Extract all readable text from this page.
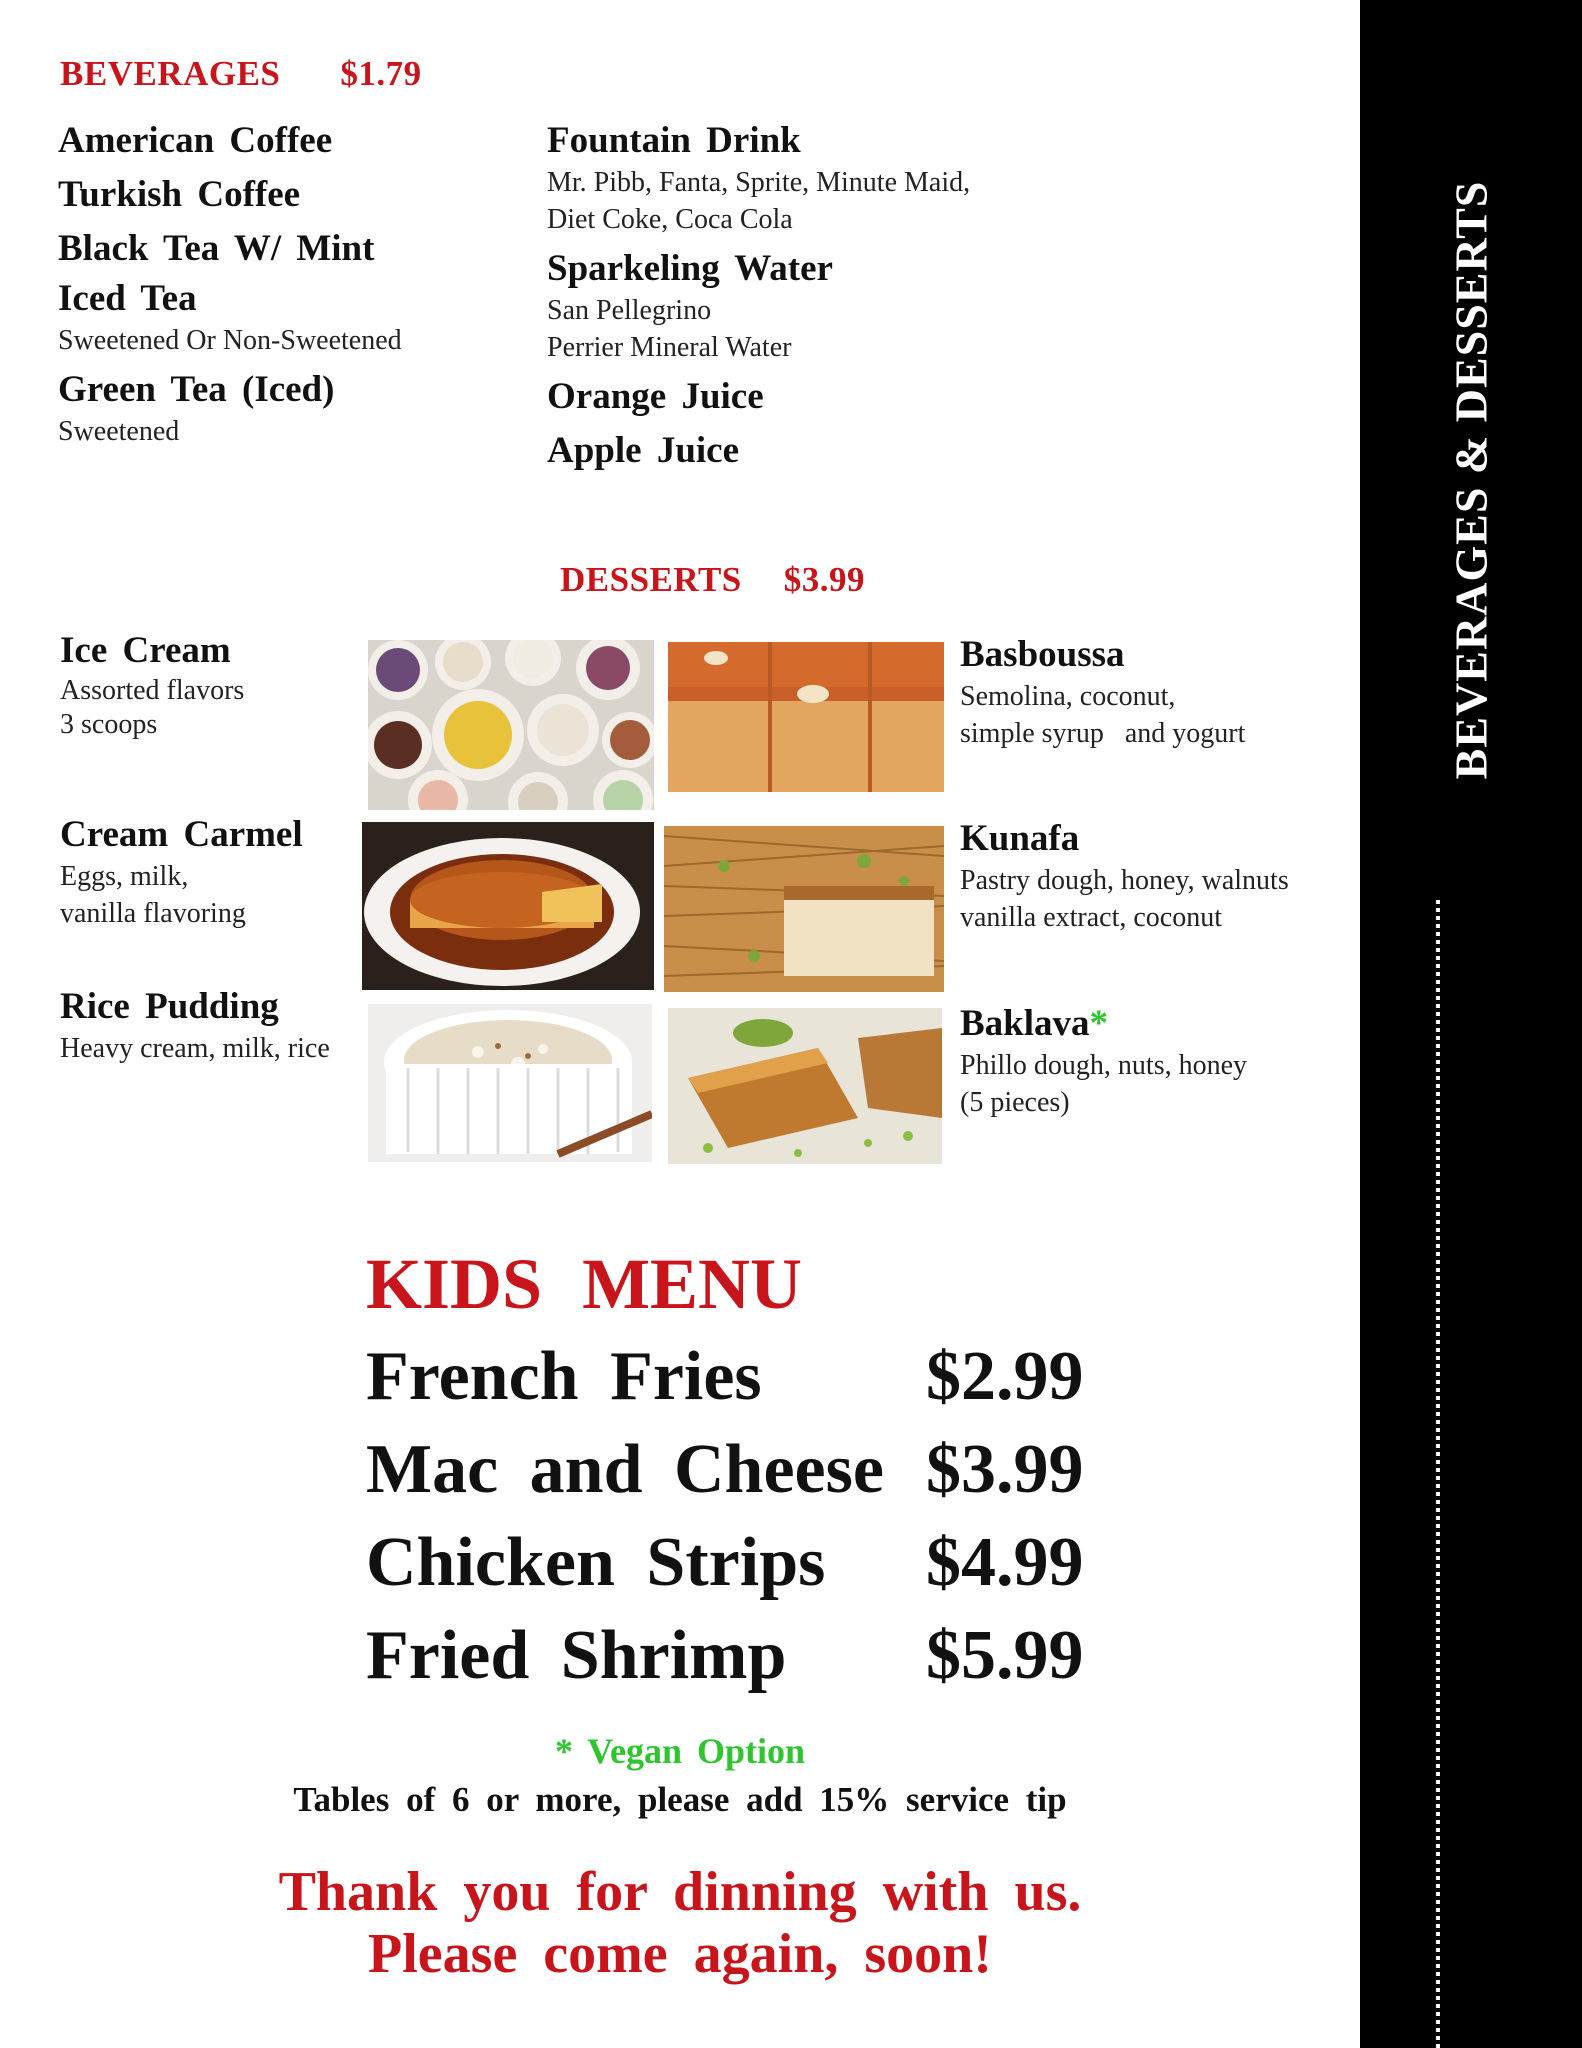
BEVERAGES $1.79
American Coffee
Turkish Coffee
Black Tea W/ Mint
Iced Tea
Sweetened Or Non-Sweetened
Green Tea (Iced)
Sweetened
Fountain Drink
Mr. Pibb, Fanta, Sprite, Minute Maid,
Diet Coke, Coca Cola
Sparkeling Water
San Pellegrino
Perrier Mineral Water
Orange Juice
Apple Juice
DESSERTS $3.99
Ice Cream
Assorted flavors
3 scoops
Cream Carmel
Eggs, milk,
vanilla flavoring
Rice Pudding
Heavy cream, milk, rice
Basboussa
Semolina, coconut,
simple syrup   and yogurt
Kunafa
Pastry dough, honey, walnuts
vanilla extract, coconut
Baklava*
Phillo dough, nuts, honey
(5 pieces)
KIDS MENU
French Fries $2.99
Mac and Cheese $3.99
Chicken Strips $4.99
Fried Shrimp $5.99
* Vegan Option
Tables of 6 or more, please add 15% service tip
Thank you for dinning with us.
Please come again, soon!
BEVERAGES & DESSERTS
